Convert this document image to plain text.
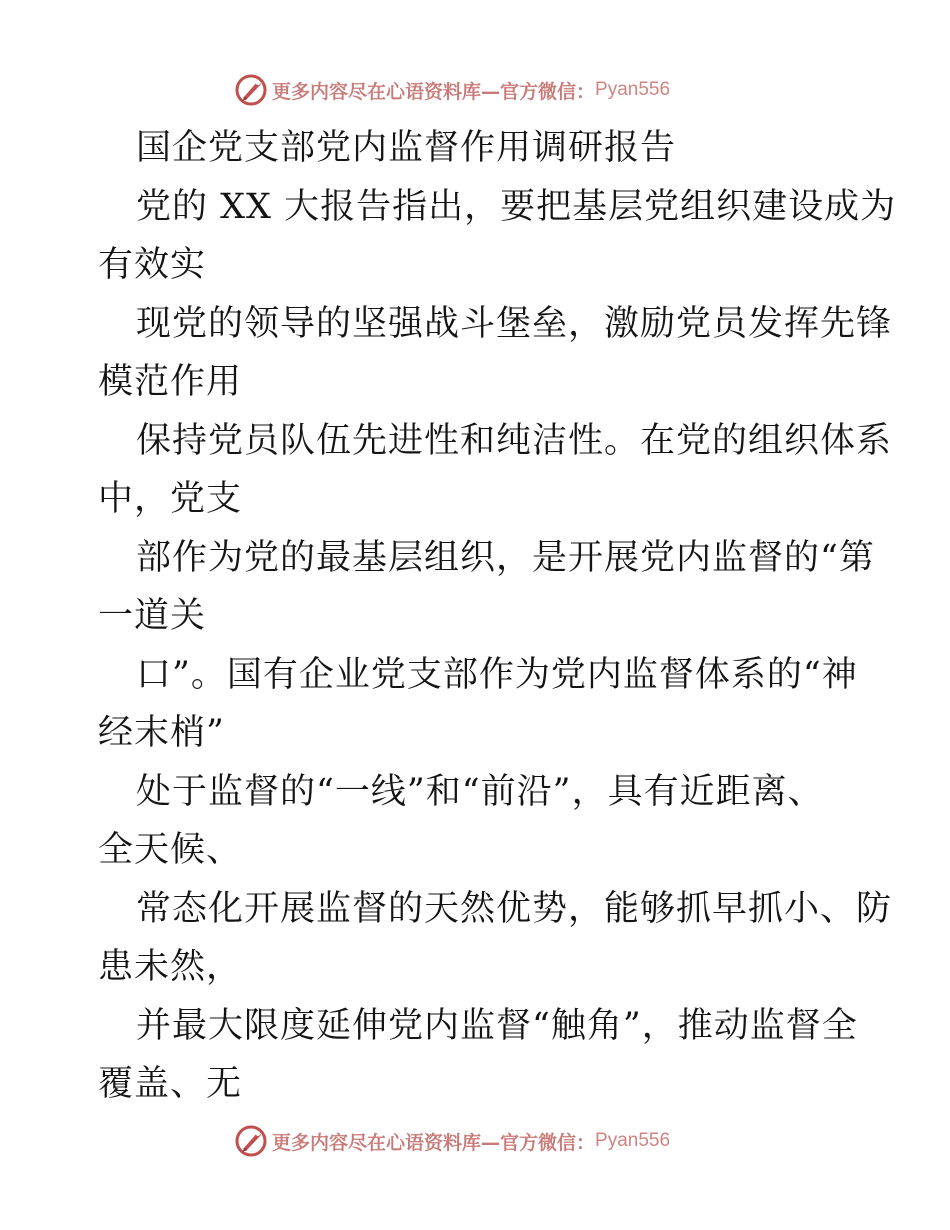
更多内容尽在心语资料库—官方微信： Pyan556
国企党支部党内监督作用调研报告
党的 XX 大报告指出，要把基层党组织建设成为
有效实
现党的领导的坚强战斗堡垒，激励党员发挥先锋
模范作用
保持党员队伍先进性和纯洁性。在党的组织体系
中，党支
部作为党的最基层组织，是开展党内监督的“第
一道关
口”。国有企业党支部作为党内监督体系的“神
经末梢”
处于监督的“一线”和“前沿”，具有近距离、
全天候、
常态化开展监督的天然优势，能够抓早抓小、防
患未然，
并最大限度延伸党内监督“触角”，推动监督全
覆盖、无
更多内容尽在心语资料库—官方微信： Pyan556
